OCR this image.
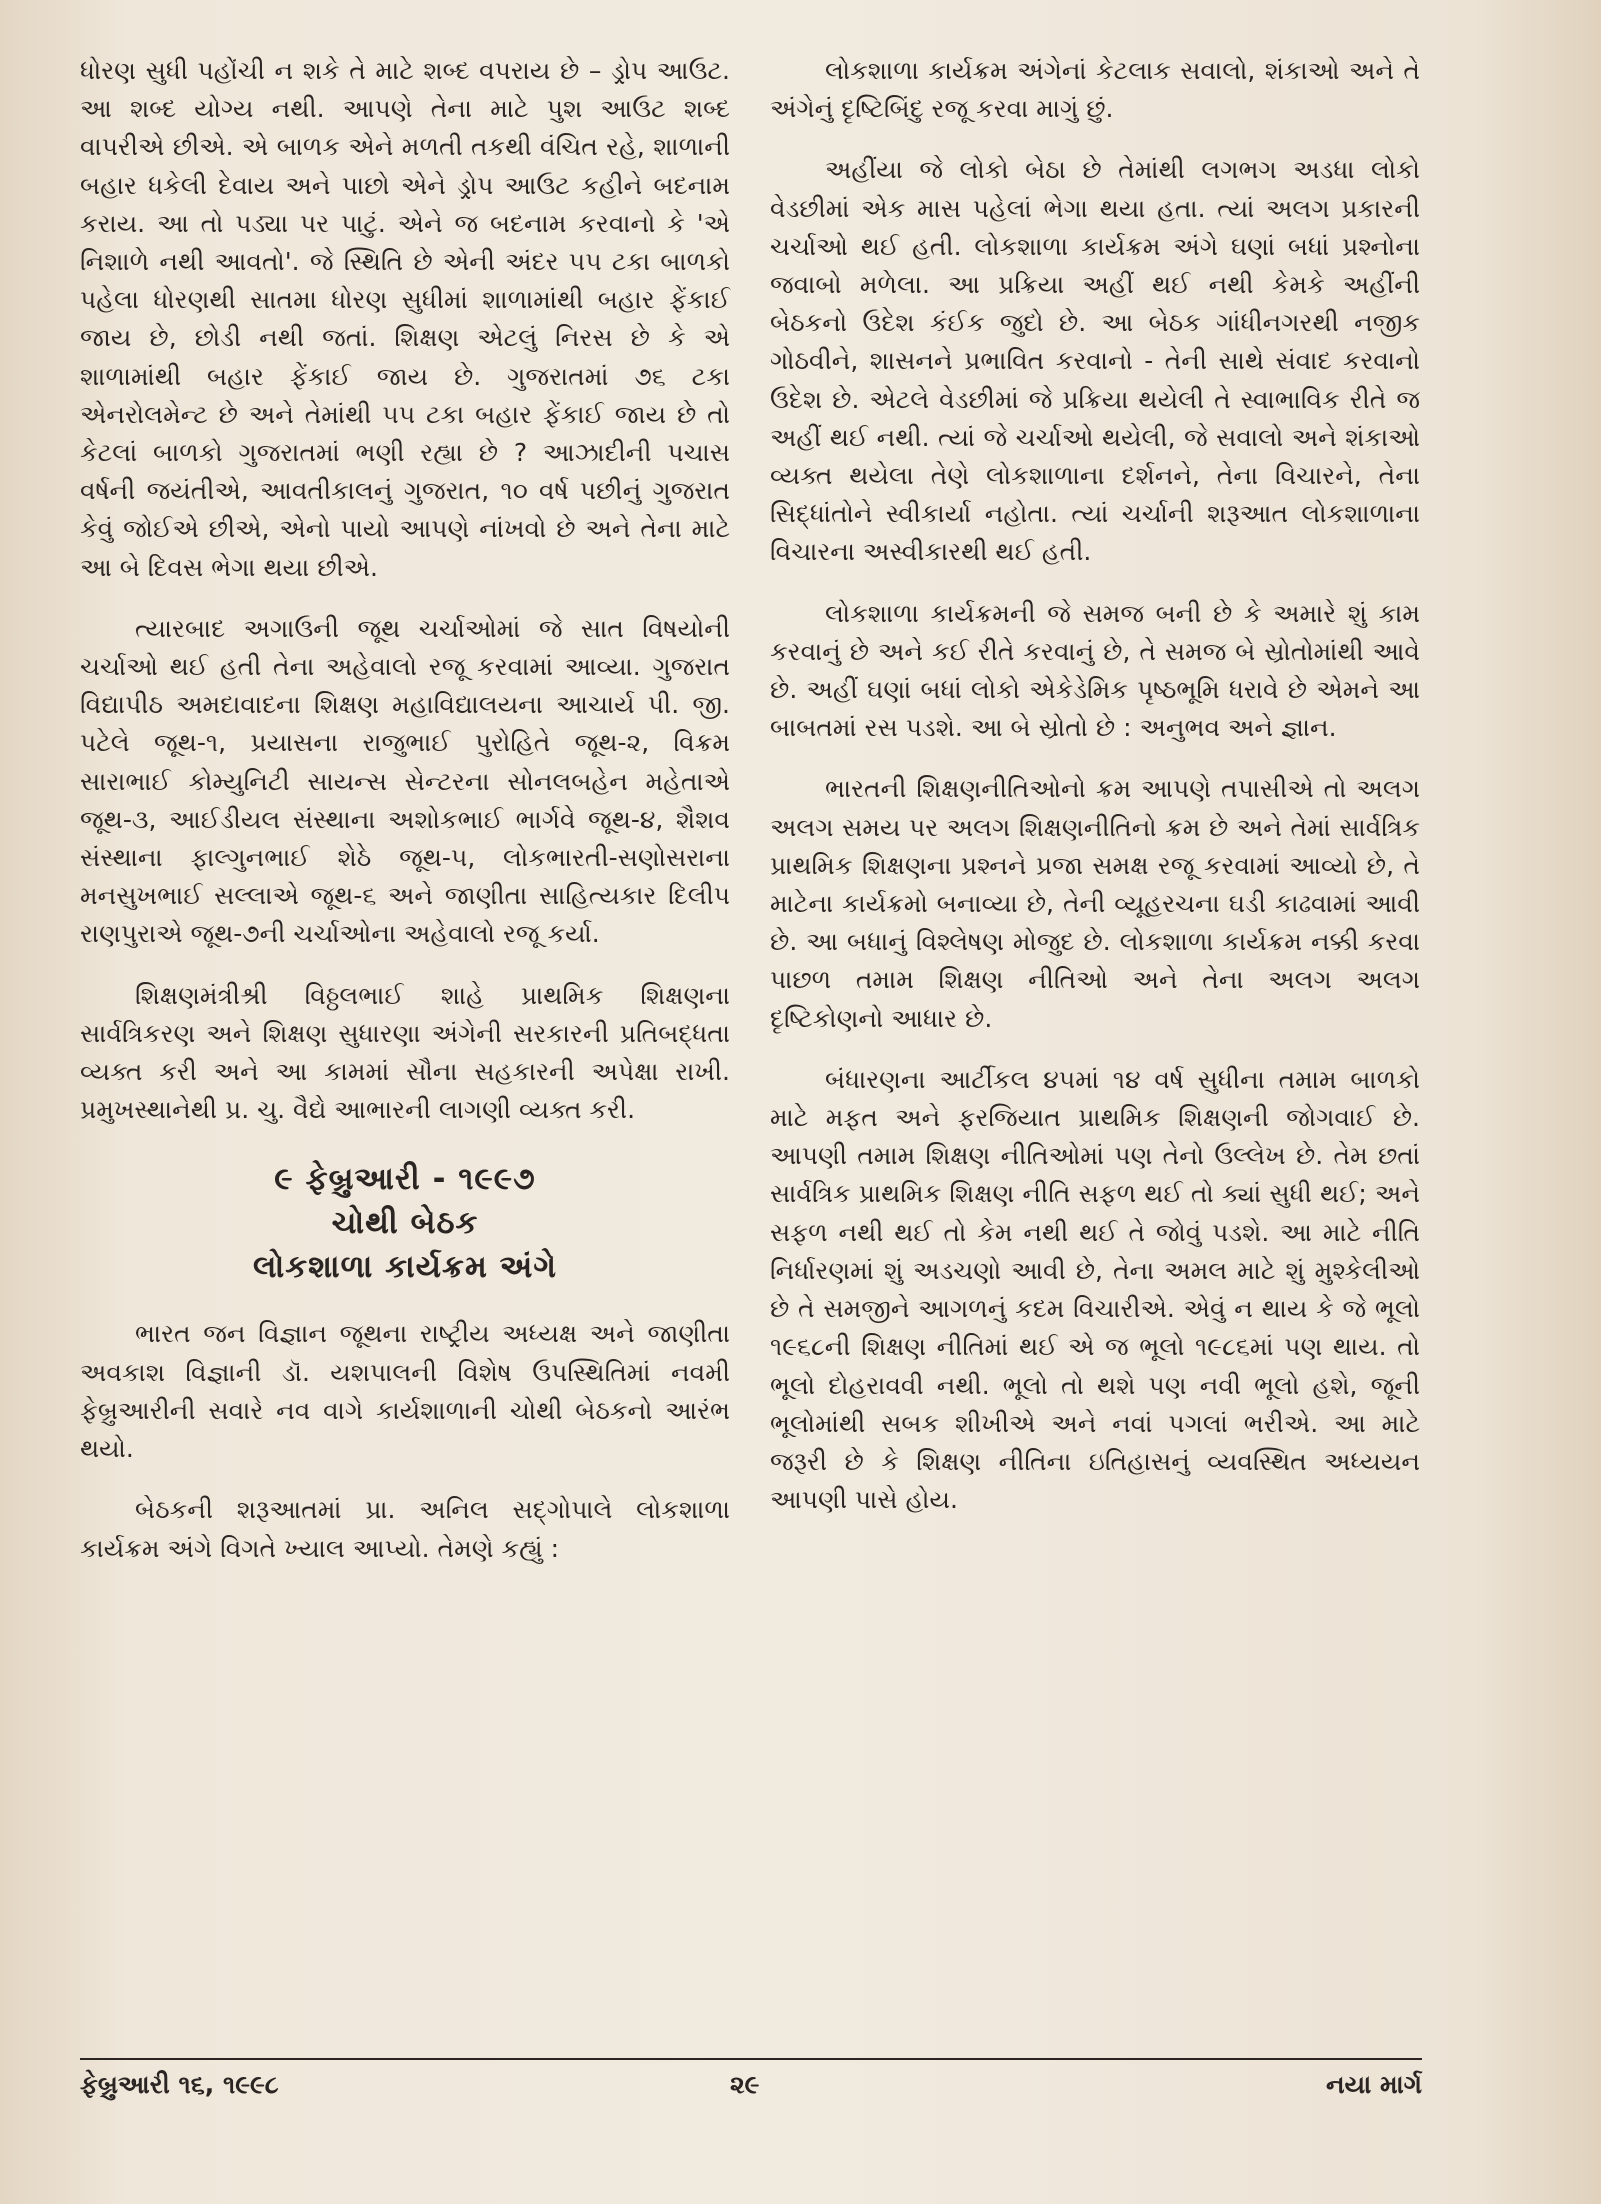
ધોરણ સુધી પહોંચી ન શકે તે માટે શબ્દ વપરાય છે – ડ્રોપ આઉટ. આ શબ્દ યોગ્ય નથી. આપણે તેના માટે પુશ આઉટ શબ્દ વાપરીએ છીએ. એ બાળક એને મળતી તકથી વંચિત રહે, શાળાની બહાર ધકેલી દેવાય અને પાછો એને ડ્રોપ આઉટ કહીને બદનામ કરાય. આ તો પડ્યા પર પાટું. એને જ બદનામ કરવાનો કે 'એ નિશાળે નથી આવતો'. જે સ્થિતિ છે એની અંદર ૫૫ ટકા બાળકો પહેલા ધોરણથી સાતમા ધોરણ સુધીમાં શાળામાંથી બહાર ફેંકાઈ જાય છે, છોડી નથી જતાં. શિક્ષણ એટલું નિરસ છે કે એ શાળામાંથી બહાર ફેંકાઈ જાય છે. ગુજરાતમાં ૭૬ ટકા એનરોલમેન્ટ છે અને તેમાંથી ૫૫ ટકા બહાર ફેંકાઈ જાય છે તો કેટલાં બાળકો ગુજરાતમાં ભણી રહ્યા છે ? આઝાદીની પચાસ વર્ષની જયંતીએ, આવતીકાલનું ગુજરાત, ૧૦ વર્ષ પછીનું ગુજરાત કેવું જોઈએ છીએ, એનો પાયો આપણે નાંખવો છે અને તેના માટે આ બે દિવસ ભેગા થયા છીએ.

ત્યારબાદ અગાઉની જૂથ ચર્ચાઓમાં જે સાત વિષયોની ચર્ચાઓ થઈ હતી તેના અહેવાલો રજૂ કરવામાં આવ્યા. ગુજરાત વિદ્યાપીઠ અમદાવાદના શિક્ષણ મહાવિદ્યાલયના આચાર્ય પી. જી. પટેલે જૂથ-૧, પ્રયાસના રાજુભાઈ પુરોહિતે જૂથ-૨, વિક્રમ સારાભાઈ કોમ્યુનિટી સાયન્સ સેન્ટરના સોનલબહેન મહેતાએ જૂથ-૩, આઈડીયલ સંસ્થાના અશોકભાઈ ભાર્ગવે જૂથ-૪, શૈશવ સંસ્થાના ફાલ્ગુનભાઈ શેઠે જૂથ-૫, લોકભારતી-સણોસરાના મનસુખભાઈ સલ્લાએ જૂથ-૬ અને જાણીતા સાહિત્યકાર દિલીપ રાણપુરાએ જૂથ-૭ની ચર્ચાઓના અહેવાલો રજૂ કર્યા.

શિક્ષણમંત્રીશ્રી વિઠ્ઠલભાઈ શાહે પ્રાથમિક શિક્ષણના સાર્વત્રિકરણ અને શિક્ષણ સુધારણા અંગેની સરકારની પ્રતિબદ્ધતા વ્યક્ત કરી અને આ કામમાં સૌના સહકારની અપેક્ષા રાખી. પ્રમુખસ્થાનેથી પ્ર. ચુ. વૈદ્યે આભારની લાગણી વ્યક્ત કરી.

૯ ફેબ્રુઆરી - ૧૯૯૭
ચોથી બેઠક
લોકશાળા કાર્યક્રમ અંગે

ભારત જન વિજ્ઞાન જૂથના રાષ્ટ્રીય અધ્યક્ષ અને જાણીતા અવકાશ વિજ્ઞાની ડૉ. યશપાલની વિશેષ ઉપસ્થિતિમાં નવમી ફેબ્રુઆરીની સવારે નવ વાગે કાર્યશાળાની ચોથી બેઠકનો આરંભ થયો.

બેઠકની શરૂઆતમાં પ્રા. અનિલ સદ્‌ગોપાલે લોકશાળા કાર્યક્રમ અંગે વિગતે ખ્યાલ આપ્યો. તેમણે કહ્યું :

લોકશાળા કાર્યક્રમ અંગેનાં કેટલાક સવાલો, શંકાઓ અને તે અંગેનું દૃષ્ટિબિંદુ રજૂ કરવા માગું છું.

અહીંયા જે લોકો બેઠા છે તેમાંથી લગભગ અડધા લોકો વેડછીમાં એક માસ પહેલાં ભેગા થયા હતા. ત્યાં અલગ પ્રકારની ચર્ચાઓ થઈ હતી. લોકશાળા કાર્યક્રમ અંગે ઘણાં બધાં પ્રશ્નોના જવાબો મળેલા. આ પ્રક્રિયા અહીં થઈ નથી કેમકે અહીંની બેઠકનો ઉદેશ કંઈક જુદો છે. આ બેઠક ગાંધીનગરથી નજીક ગોઠવીને, શાસનને પ્રભાવિત કરવાનો - તેની સાથે સંવાદ કરવાનો ઉદેશ છે. એટલે વેડછીમાં જે પ્રક્રિયા થયેલી તે સ્વાભાવિક રીતે જ અહીં થઈ નથી. ત્યાં જે ચર્ચાઓ થયેલી, જે સવાલો અને શંકાઓ વ્યક્ત થયેલા તેણે લોકશાળાના દર્શનને, તેના વિચારને, તેના સિદ્ધાંતોને સ્વીકાર્યા નહોતા. ત્યાં ચર્ચાની શરૂઆત લોકશાળાના વિચારના અસ્વીકારથી થઈ હતી.

લોકશાળા કાર્યક્રમની જે સમજ બની છે કે અમારે શું કામ કરવાનું છે અને કઈ રીતે કરવાનું છે, તે સમજ બે સ્રોતોમાંથી આવે છે. અહીં ઘણાં બધાં લોકો એકેડેમિક પૃષ્ઠભૂમિ ધરાવે છે એમને આ બાબતમાં રસ પડશે. આ બે સ્રોતો છે : અનુભવ અને જ્ઞાન.

ભારતની શિક્ષણનીતિઓનો ક્રમ આપણે તપાસીએ તો અલગ અલગ સમય પર અલગ શિક્ષણનીતિનો ક્રમ છે અને તેમાં સાર્વત્રિક પ્રાથમિક શિક્ષણના પ્રશ્નને પ્રજા સમક્ષ રજૂ કરવામાં આવ્યો છે, તે માટેના કાર્યક્રમો બનાવ્યા છે, તેની વ્યૂહરચના ઘડી કાઢવામાં આવી છે. આ બધાનું વિશ્લેષણ મોજુદ છે. લોકશાળા કાર્યક્રમ નક્કી કરવા પાછળ તમામ શિક્ષણ નીતિઓ અને તેના અલગ અલગ દૃષ્ટિકોણનો આધાર છે.

બંધારણના આર્ટીકલ ૪૫માં ૧૪ વર્ષ સુધીના તમામ બાળકો માટે મફત અને ફરજિયાત પ્રાથમિક શિક્ષણની જોગવાઈ છે. આપણી તમામ શિક્ષણ નીતિઓમાં પણ તેનો ઉલ્લેખ છે. તેમ છતાં સાર્વત્રિક પ્રાથમિક શિક્ષણ નીતિ સફળ થઈ તો ક્યાં સુધી થઈ; અને સફળ નથી થઈ તો કેમ નથી થઈ તે જોવું પડશે. આ માટે નીતિ નિર્ધારણમાં શું અડચણો આવી છે, તેના અમલ માટે શું મુશ્કેલીઓ છે તે સમજીને આગળનું કદમ વિચારીએ. એવું ન થાય કે જે ભૂલો ૧૯૬૮ની શિક્ષણ નીતિમાં થઈ એ જ ભૂલો ૧૯૮૬માં પણ થાય. તો ભૂલો દોહરાવવી નથી. ભૂલો તો થશે પણ નવી ભૂલો હશે, જૂની ભૂલોમાંથી સબક શીખીએ અને નવાં પગલાં ભરીએ. આ માટે જરૂરી છે કે શિક્ષણ નીતિના ઇતિહાસનું વ્યવસ્થિત અધ્યયન આપણી પાસે હોય.

ફેબ્રુઆરી ૧૬, ૧૯૯૮	૨૯	નયા માર્ગ
